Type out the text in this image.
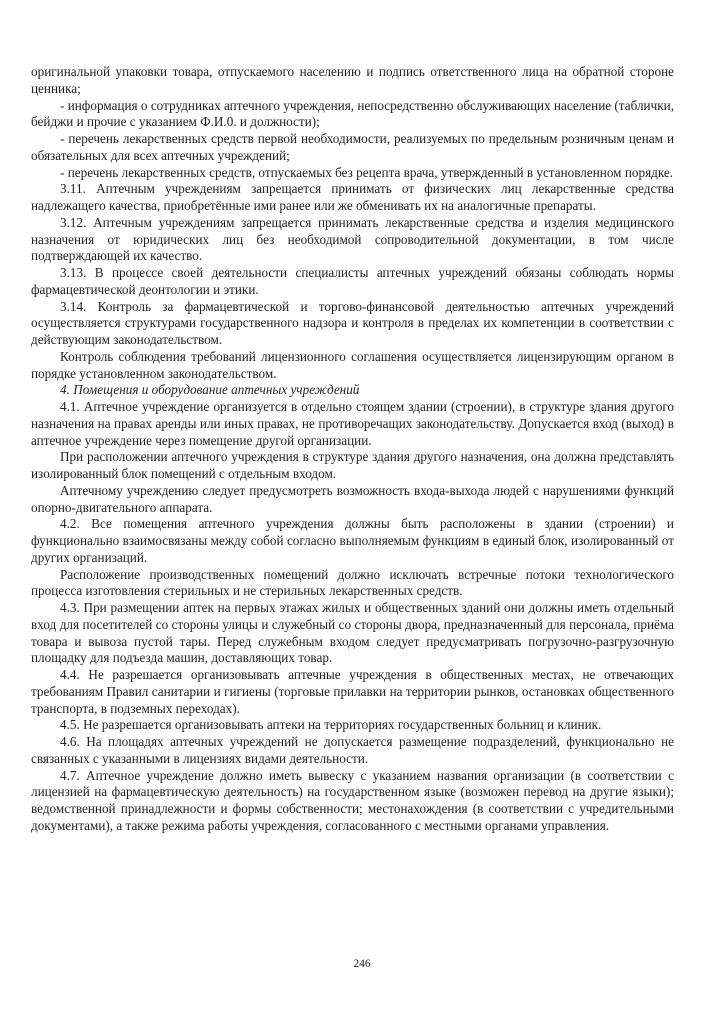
оригинальной упаковки товара, отпускаемого населению и подпись ответственного лица на обратной стороне ценника;

- информация о сотрудниках аптечного учреждения, непосредственно обслуживающих население (таблички, бейджи и прочие с указанием Ф.И.0. и должности);

- перечень лекарственных средств первой необходимости, реализуемых по предельным розничным ценам и обязательных для всех аптечных учреждений;

- перечень лекарственных средств, отпускаемых без рецепта врача, утвержденный в установленном порядке.

3.11. Аптечным учреждениям запрещается принимать от физических лиц лекарственные средства надлежащего качества, приобретённые ими ранее или же обменивать их на аналогичные препараты.

3.12. Аптечным учреждениям запрещается принимать лекарственные средства и изделия медицинского назначения от юридических лиц без необходимой сопроводительной документации, в том числе подтверждающей их качество.

3.13. В процессе своей деятельности специалисты аптечных учреждений обязаны соблюдать нормы фармацевтической деонтологии и этики.

3.14. Контроль за фармацевтической и торгово-финансовой деятельностью аптечных учреждений осуществляется структурами государственного надзора и контроля в пределах их компетенции в соответствии с действующим законодательством.

Контроль соблюдения требований лицензионного соглашения осуществляется лицензирующим органом в порядке установленном законодательством.

4. Помещения и оборудование аптечных учреждений

4.1. Аптечное учреждение организуется в отдельно стоящем здании (строении), в структуре здания другого назначения на правах аренды или иных правах, не противоречащих законодательству. Допускается вход (выход) в аптечное учреждение через помещение другой организации.

При расположении аптечного учреждения в структуре здания другого назначения, она должна представлять изолированный блок помещений с отдельным входом.

Аптечному учреждению следует предусмотреть возможность входа-выхода людей с нарушениями функций опорно-двигательного аппарата.

4.2. Все помещения аптечного учреждения должны быть расположены в здании (строении) и функционально взаимосвязаны между собой согласно выполняемым функциям в единый блок, изолированный от других организаций.

Расположение производственных помещений должно исключать встречные потоки технологического процесса изготовления стерильных и не стерильных лекарственных средств.

4.3. При размещении аптек на первых этажах жилых и общественных зданий они должны иметь отдельный вход для посетителей со стороны улицы и служебный со стороны двора, предназначенный для персонала, приёма товара и вывоза пустой тары. Перед служебным входом следует предусматривать погрузочно-разгрузочную площадку для подъезда машин, доставляющих товар.

4.4. Не разрешается организовывать аптечные учреждения в общественных местах, не отвечающих требованиям Правил санитарии и гигиены (торговые прилавки на территории рынков, остановках общественного транспорта, в подземных переходах).

4.5. Не разрешается организовывать аптеки на территориях государственных больниц и клиник.

4.6. На площадях аптечных учреждений не допускается размещение подразделений, функционально не связанных с указанными в лицензиях видами деятельности.

4.7. Аптечное учреждение должно иметь вывеску с указанием названия организации (в соответствии с лицензией на фармацевтическую деятельность) на государственном языке (возможен перевод на другие языки); ведомственной принадлежности и формы собственности; местонахождения (в соответствии с учредительными документами), а также режима работы учреждения, согласованного с местными органами управления.

246
